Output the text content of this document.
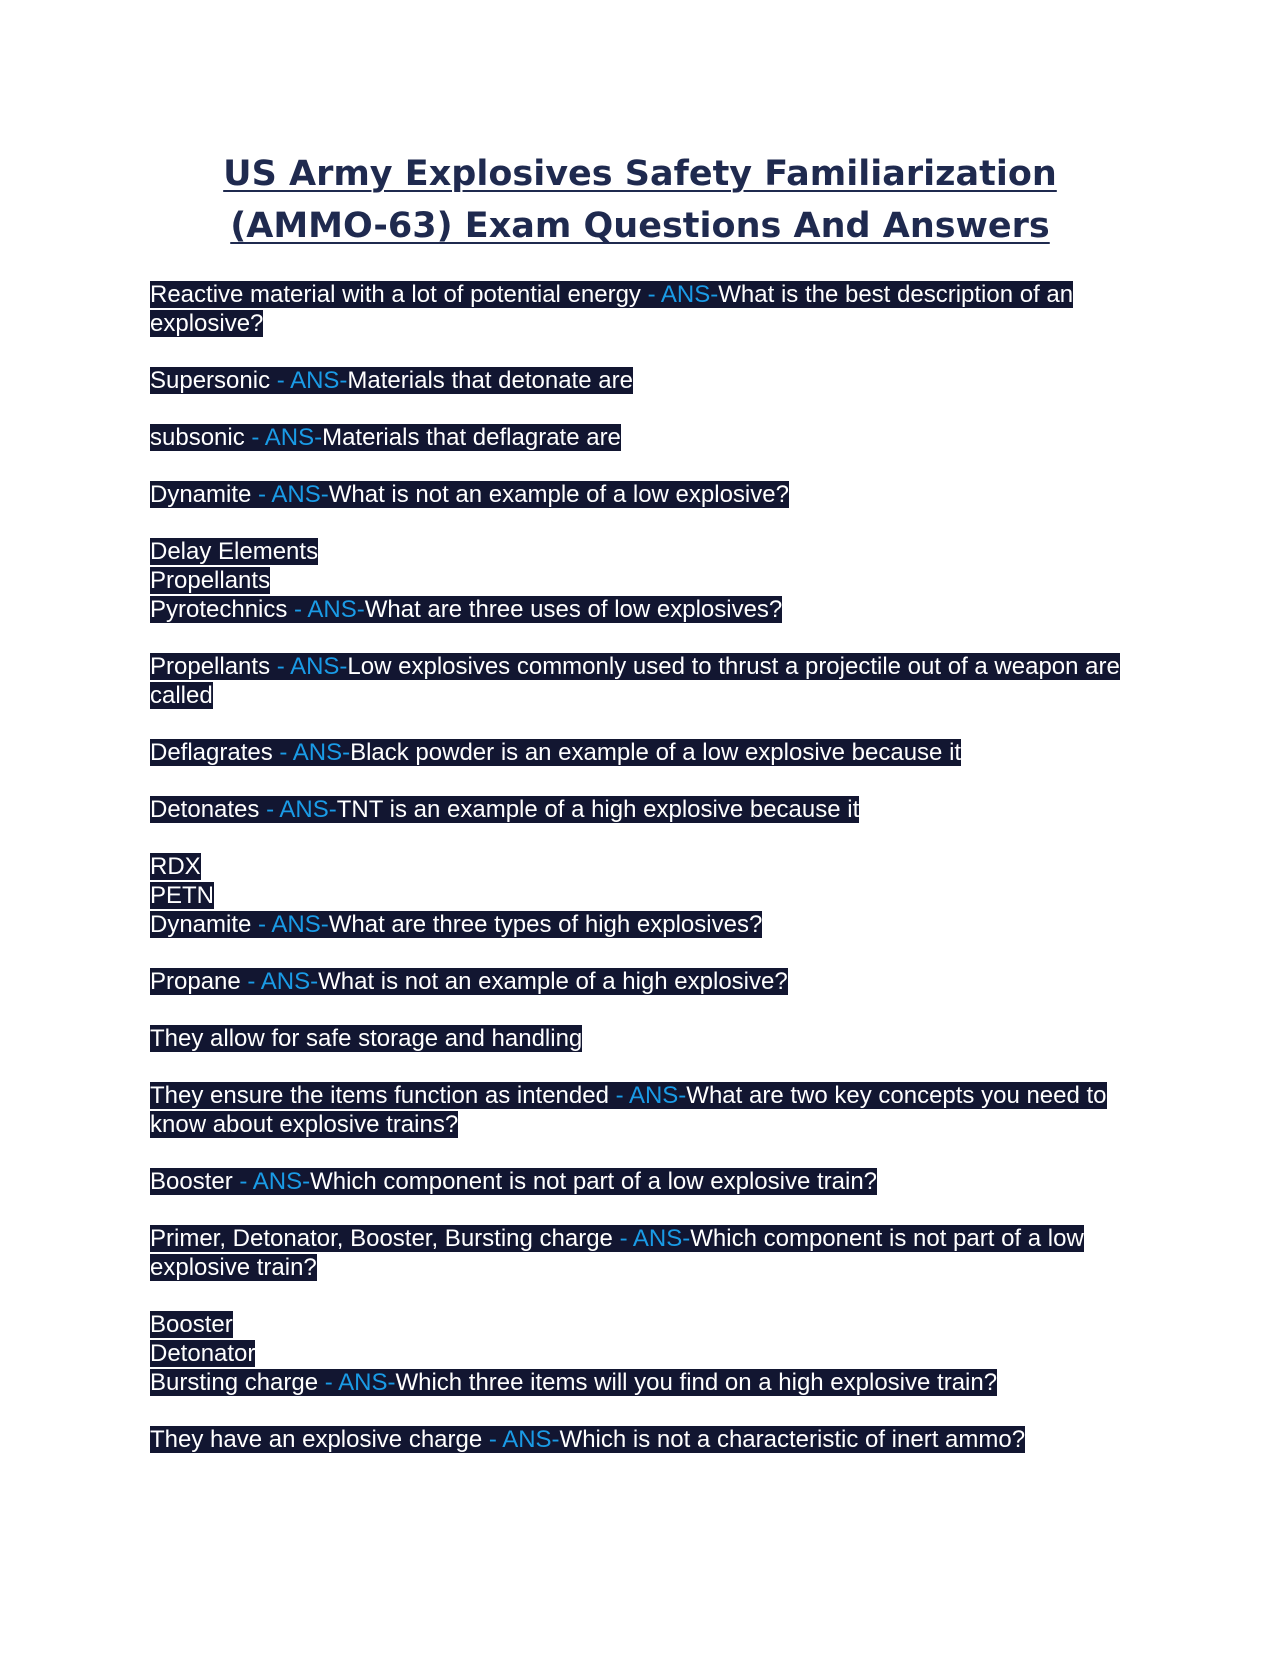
US Army Explosives Safety Familiarization (AMMO-63) Exam Questions And Answers

Reactive material with a lot of potential energy - ANS-What is the best description of an explosive?

Supersonic - ANS-Materials that detonate are

subsonic - ANS-Materials that deflagrate are

Dynamite - ANS-What is not an example of a low explosive?

Delay Elements
Propellants
Pyrotechnics - ANS-What are three uses of low explosives?

Propellants - ANS-Low explosives commonly used to thrust a projectile out of a weapon are called

Deflagrates - ANS-Black powder is an example of a low explosive because it

Detonates - ANS-TNT is an example of a high explosive because it

RDX
PETN
Dynamite - ANS-What are three types of high explosives?

Propane - ANS-What is not an example of a high explosive?

They allow for safe storage and handling

They ensure the items function as intended - ANS-What are two key concepts you need to know about explosive trains?

Booster - ANS-Which component is not part of a low explosive train?

Primer, Detonator, Booster, Bursting charge - ANS-Which component is not part of a low explosive train?

Booster
Detonator
Bursting charge - ANS-Which three items will you find on a high explosive train?

They have an explosive charge - ANS-Which is not a characteristic of inert ammo?
